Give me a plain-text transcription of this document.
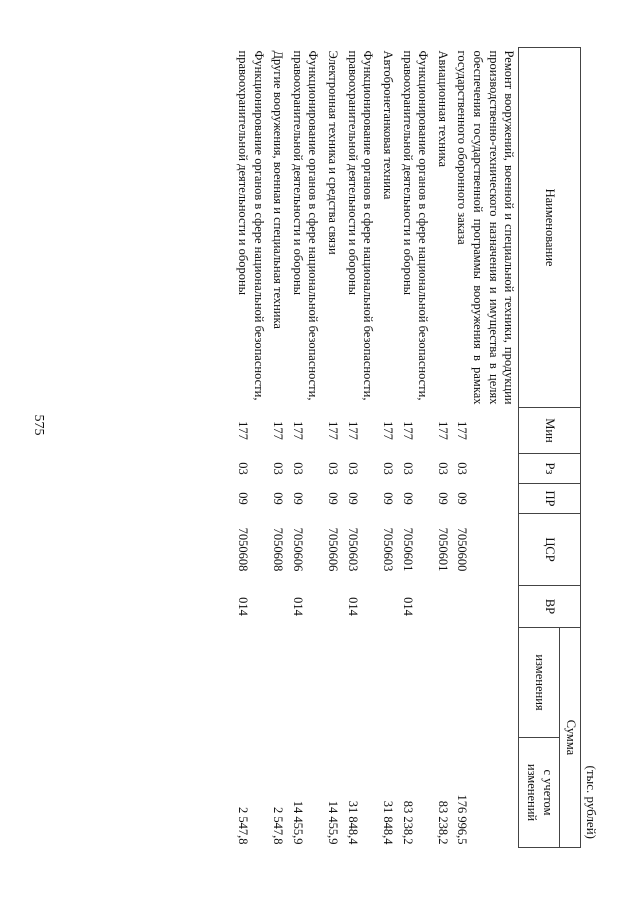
575
(тыс. рублей)
Наименование	Мин	Рз	ПР	ЦСР	ВР	Сумма	
						изменения	с учетом изменений
Ремонт вооружений, военной и специальной техники, продукции производственно-технического назначения и имущества в целях обеспечения государственной программы вооружения в рамках государственного оборонного заказа	177	03	09	7050600			176 996,5
Авиационная техника	177	03	09	7050601			83 238,2
Функционирование органов в сфере национальной безопасности, правоохранительной деятельности и обороны	177	03	09	7050601	014		83 238,2
Автобронетанковая техника	177	03	09	7050603			31 848,4
Функционирование органов в сфере национальной безопасности, правоохранительной деятельности и обороны	177	03	09	7050603	014		31 848,4
Электронная техника и средства связи	177	03	09	7050606			14 455,9
Функционирование органов в сфере национальной безопасности, правоохранительной деятельности и обороны	177	03	09	7050606	014		14 455,9
Другие вооружения, военная и специальная техника	177	03	09	7050608			2 547,8
Функционирование органов в сфере национальной безопасности, правоохранительной деятельности и обороны	177	03	09	7050608	014		2 547,8
